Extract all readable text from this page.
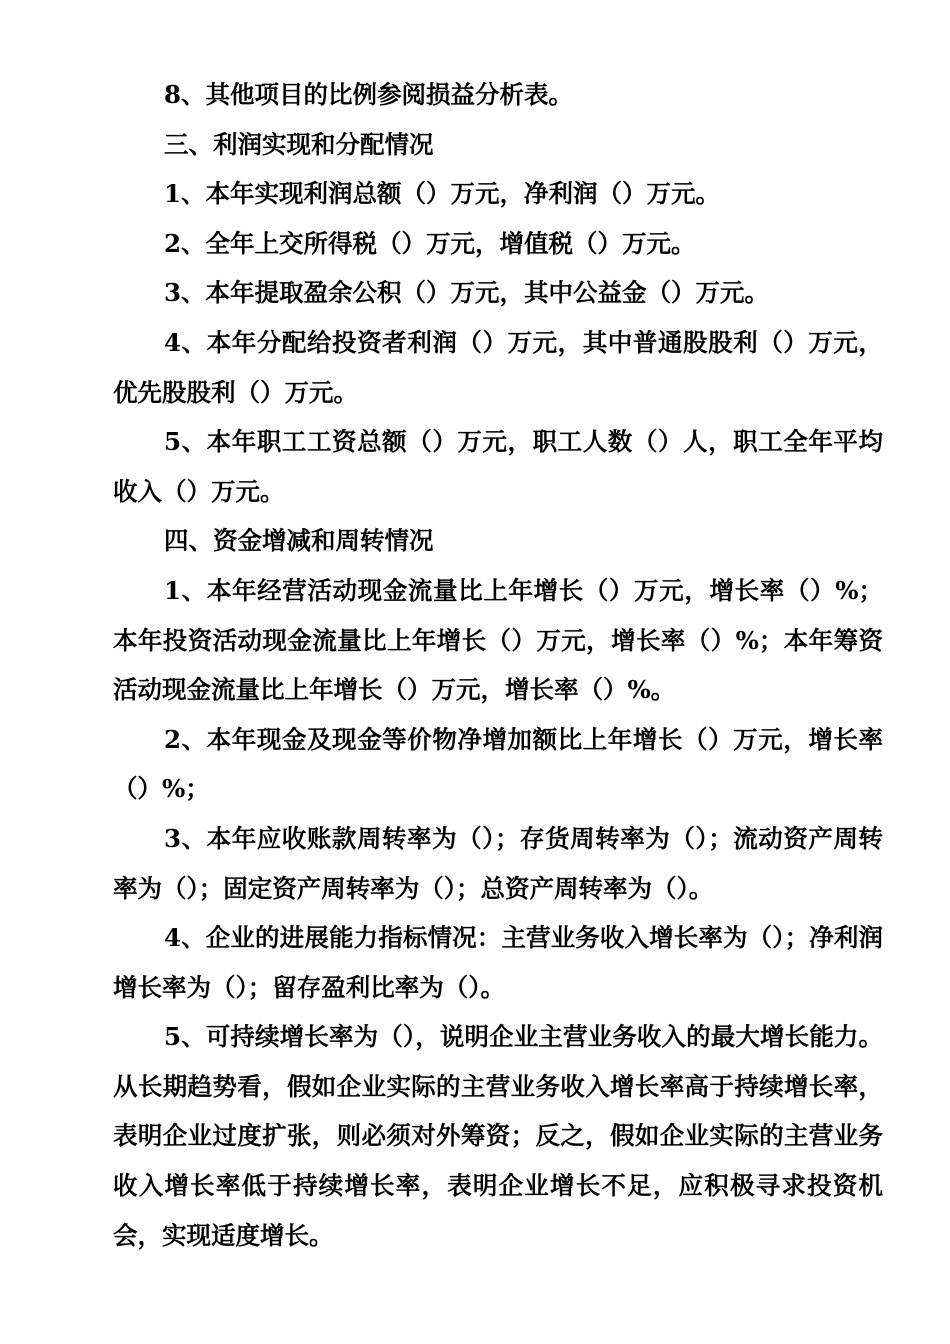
8、其他项目的比例参阅损益分析表。

三、利润实现和分配情况

1、本年实现利润总额（）万元，净利润（）万元。

2、全年上交所得税（）万元，增值税（）万元。

3、本年提取盈余公积（）万元，其中公益金（）万元。

4、本年分配给投资者利润（）万元，其中普通股股利（）万元，优先股股利（）万元。

5、本年职工工资总额（）万元，职工人数（）人，职工全年平均收入（）万元。

四、资金增减和周转情况

1、本年经营活动现金流量比上年增长（）万元，增长率（）%；本年投资活动现金流量比上年增长（）万元，增长率（）%；本年筹资活动现金流量比上年增长（）万元，增长率（）%。

2、本年现金及现金等价物净增加额比上年增长（）万元，增长率（）%；

3、本年应收账款周转率为（）；存货周转率为（）；流动资产周转率为（）；固定资产周转率为（）；总资产周转率为（）。

4、企业的进展能力指标情况：主营业务收入增长率为（）；净利润增长率为（）；留存盈利比率为（）。

5、可持续增长率为（），说明企业主营业务收入的最大增长能力。从长期趋势看，假如企业实际的主营业务收入增长率高于持续增长率，表明企业过度扩张，则必须对外筹资；反之，假如企业实际的主营业务收入增长率低于持续增长率，表明企业增长不足，应积极寻求投资机会，实现适度增长。
